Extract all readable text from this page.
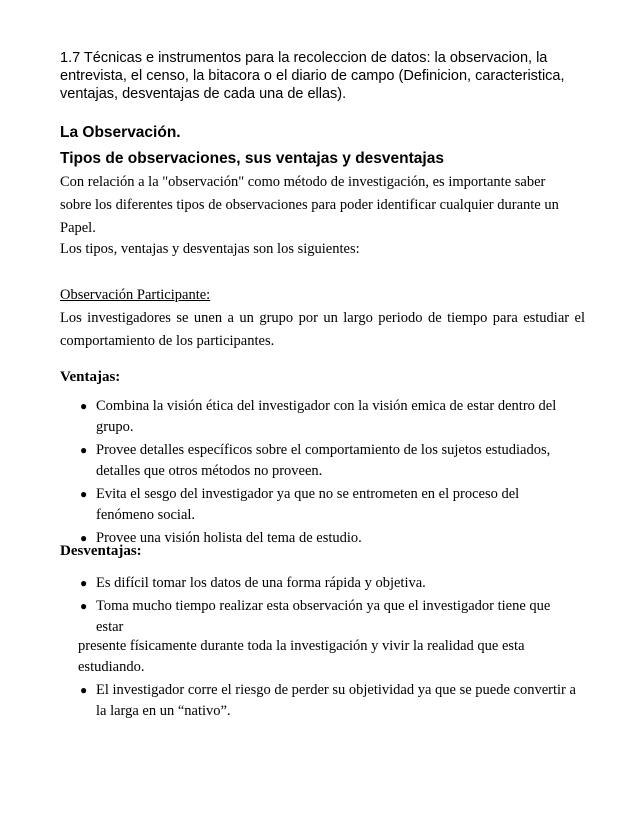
1.7 Técnicas e instrumentos para la recoleccion de datos: la observacion, la entrevista, el censo, la bitacora o el diario de campo (Definicion, caracteristica, ventajas, desventajas de cada una de ellas).
La Observación.
Tipos de observaciones, sus ventajas y desventajas
Con relación a la "observación" como método de investigación, es importante saber sobre los diferentes tipos de observaciones para poder identificar cualquier durante un Papel.
Los tipos, ventajas y desventajas son los siguientes:
Observación Participante:
Los investigadores se unen a un grupo por un largo periodo de tiempo para estudiar el comportamiento de los participantes.
Ventajas:
● Combina la visión ética del investigador con la visión emica de estar dentro del grupo.
● Provee detalles específicos sobre el comportamiento de los sujetos estudiados, detalles que otros métodos no proveen.
● Evita el sesgo del investigador ya que no se entrometen en el proceso del fenómeno social.
● Provee una visión holista del tema de estudio.
Desventajas:
● Es difícil tomar los datos de una forma rápida y objetiva.
● Toma mucho tiempo realizar esta observación ya que el investigador tiene que estar
presente físicamente durante toda la investigación y vivir la realidad que esta estudiando.
● El investigador corre el riesgo de perder su objetividad ya que se puede convertir a la larga en un “nativo”.
